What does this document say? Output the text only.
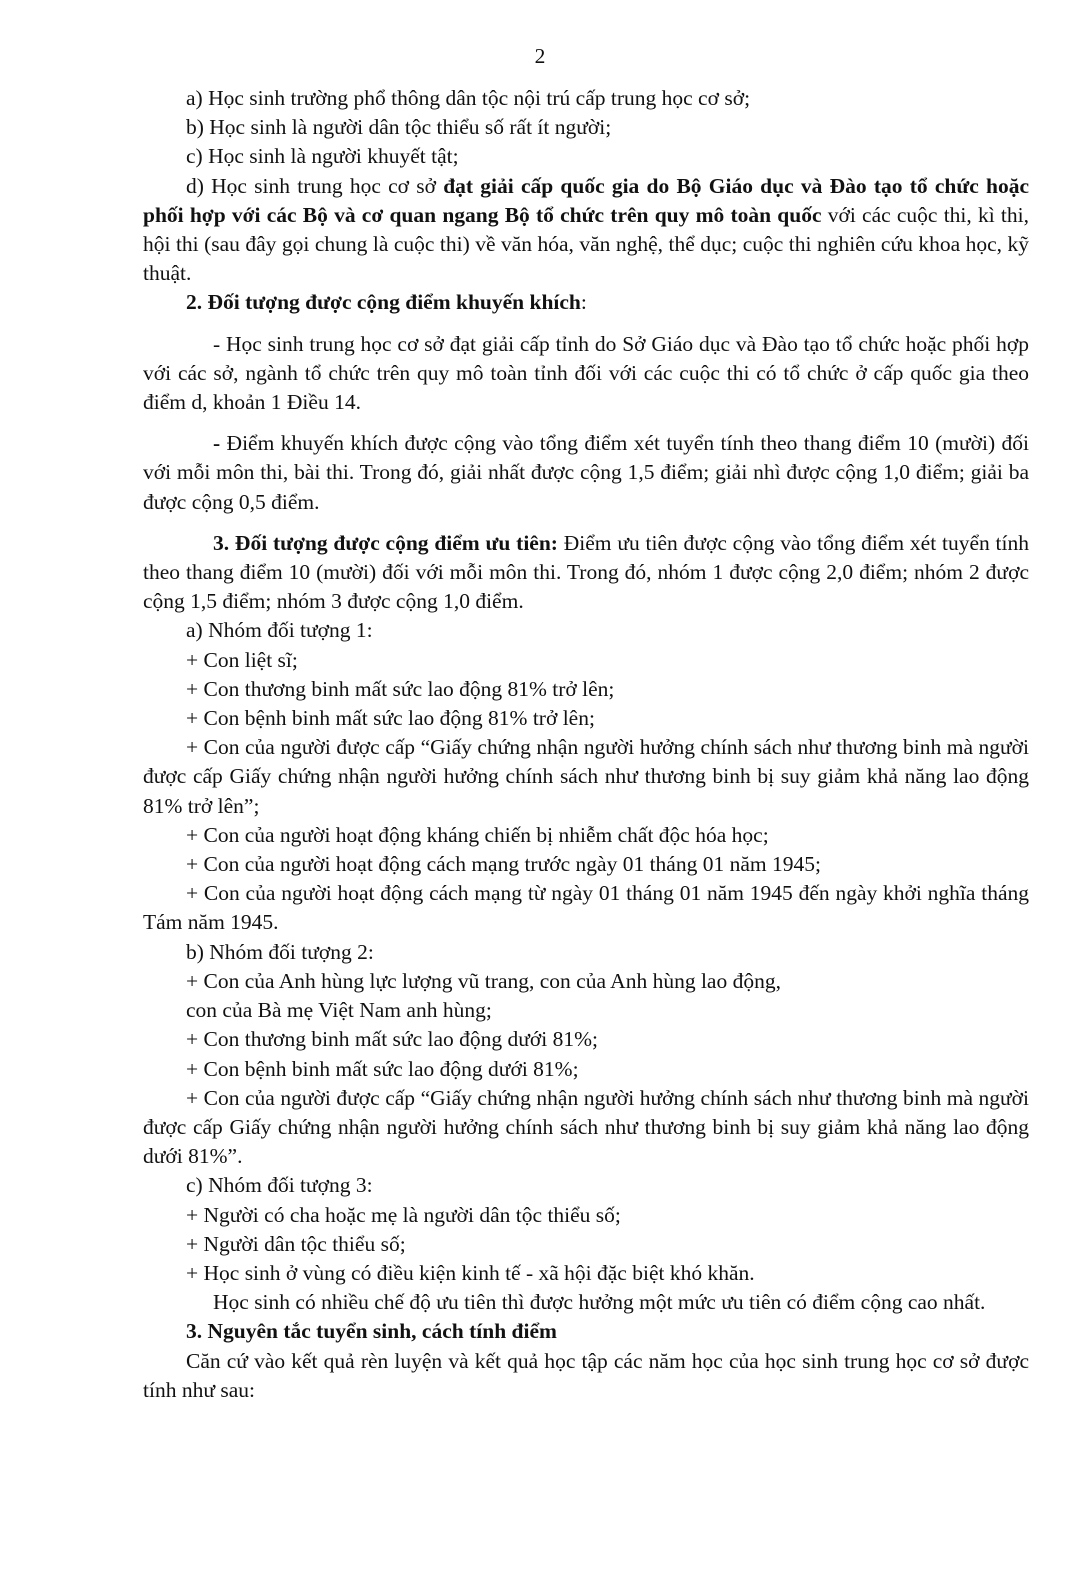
2

a) Học sinh trường phổ thông dân tộc nội trú cấp trung học cơ sở;

b) Học sinh là người dân tộc thiểu số rất ít người;

c) Học sinh là người khuyết tật;

d) Học sinh trung học cơ sở đạt giải cấp quốc gia do Bộ Giáo dục và Đào tạo tổ chức hoặc phối hợp với các Bộ và cơ quan ngang Bộ tổ chức trên quy mô toàn quốc với các cuộc thi, kì thi, hội thi (sau đây gọi chung là cuộc thi) về văn hóa, văn nghệ, thể dục; cuộc thi nghiên cứu khoa học, kỹ thuật.

2. Đối tượng được cộng điểm khuyến khích:

- Học sinh trung học cơ sở đạt giải cấp tỉnh do Sở Giáo dục và Đào tạo tổ chức hoặc phối hợp với các sở, ngành tổ chức trên quy mô toàn tỉnh đối với các cuộc thi có tổ chức ở cấp quốc gia theo điểm d, khoản 1 Điều 14.

- Điểm khuyến khích được cộng vào tổng điểm xét tuyển tính theo thang điểm 10 (mười) đối với mỗi môn thi, bài thi. Trong đó, giải nhất được cộng 1,5 điểm; giải nhì được cộng 1,0 điểm; giải ba được cộng 0,5 điểm.

3. Đối tượng được cộng điểm ưu tiên: Điểm ưu tiên được cộng vào tổng điểm xét tuyển tính theo thang điểm 10 (mười) đối với mỗi môn thi. Trong đó, nhóm 1 được cộng 2,0 điểm; nhóm 2 được cộng 1,5 điểm; nhóm 3 được cộng 1,0 điểm.

a) Nhóm đối tượng 1:

+ Con liệt sĩ;

+ Con thương binh mất sức lao động 81% trở lên;

+ Con bệnh binh mất sức lao động 81% trở lên;

+ Con của người được cấp “Giấy chứng nhận người hưởng chính sách như thương binh mà người được cấp Giấy chứng nhận người hưởng chính sách như thương binh bị suy giảm khả năng lao động 81% trở lên”;

+ Con của người hoạt động kháng chiến bị nhiễm chất độc hóa học;

+ Con của người hoạt động cách mạng trước ngày 01 tháng 01 năm 1945;

+ Con của người hoạt động cách mạng từ ngày 01 tháng 01 năm 1945 đến ngày khởi nghĩa tháng Tám năm 1945.

b) Nhóm đối tượng 2:

+ Con của Anh hùng lực lượng vũ trang, con của Anh hùng lao động,

con của Bà mẹ Việt Nam anh hùng;

+ Con thương binh mất sức lao động dưới 81%;

+ Con bệnh binh mất sức lao động dưới 81%;

+ Con của người được cấp “Giấy chứng nhận người hưởng chính sách như thương binh mà người được cấp Giấy chứng nhận người hưởng chính sách như thương binh bị suy giảm khả năng lao động dưới 81%”.

c) Nhóm đối tượng 3:

+ Người có cha hoặc mẹ là người dân tộc thiểu số;

+ Người dân tộc thiểu số;

+ Học sinh ở vùng có điều kiện kinh tế - xã hội đặc biệt khó khăn.

Học sinh có nhiều chế độ ưu tiên thì được hưởng một mức ưu tiên có điểm cộng cao nhất.

3. Nguyên tắc tuyển sinh, cách tính điểm

Căn cứ vào kết quả rèn luyện và kết quả học tập các năm học của học sinh trung học cơ sở được tính như sau:
